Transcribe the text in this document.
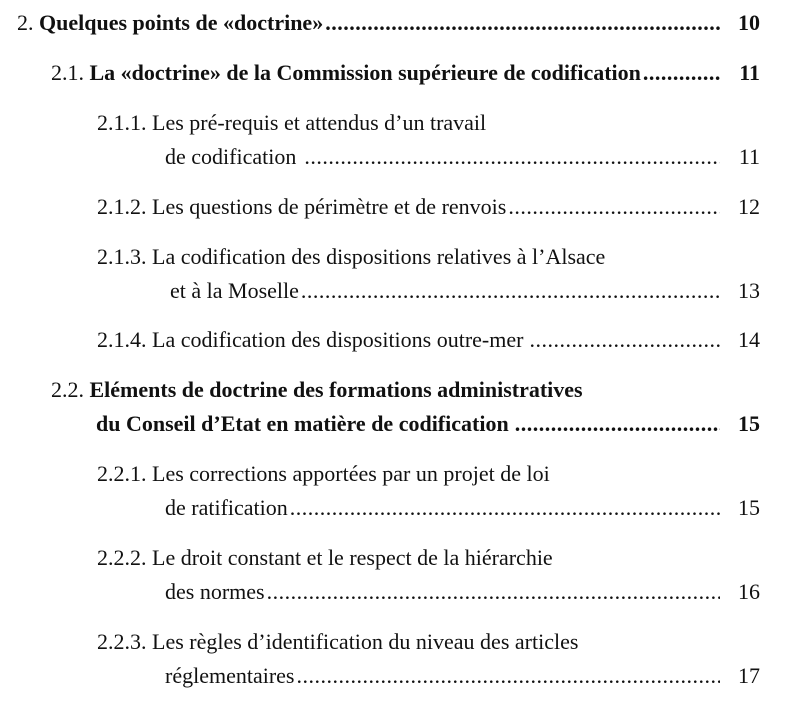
2. Quelques points de «doctrine» .....	10
2.1. La «doctrine» de la Commission supérieure de codification .....	11
2.1.1. Les pré-requis et attendus d’un travail
de codification .....	11
2.1.2. Les questions de périmètre et de renvois .....	12
2.1.3. La codification des dispositions relatives à l’Alsace
et à la Moselle .....	13
2.1.4. La codification des dispositions outre-mer .....	14
2.2. Eléments de doctrine des formations administratives
du Conseil d’Etat en matière de codification .....	15
2.2.1. Les corrections apportées par un projet de loi
de ratification .....	15
2.2.2. Le droit constant et le respect de la hiérarchie
des normes .....	16
2.2.3. Les règles d’identification du niveau des articles
réglementaires .....	17
